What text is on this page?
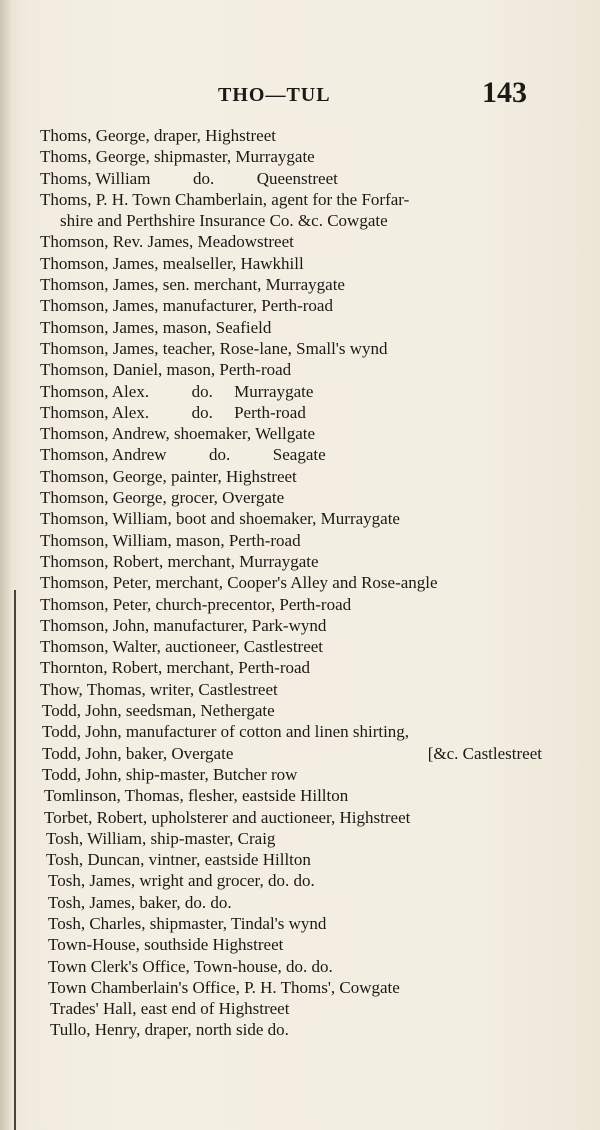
THO—TUL	143
Thoms, George, draper, Highstreet
Thoms, George, shipmaster, Murraygate
Thoms, William          do.          Queenstreet
Thoms, P. H. Town Chamberlain, agent for the Forfar-
shire and Perthshire Insurance Co. &c. Cowgate
Thomson, Rev. James, Meadowstreet
Thomson, James, mealseller, Hawkhill
Thomson, James, sen. merchant, Murraygate
Thomson, James, manufacturer, Perth-road
Thomson, James, mason, Seafield
Thomson, James, teacher, Rose-lane, Small's wynd
Thomson, Daniel, mason, Perth-road
Thomson, Alex.          do.     Murraygate
Thomson, Alex.          do.     Perth-road
Thomson, Andrew, shoemaker, Wellgate
Thomson, Andrew          do.          Seagate
Thomson, George, painter, Highstreet
Thomson, George, grocer, Overgate
Thomson, William, boot and shoemaker, Murraygate
Thomson, William, mason, Perth-road
Thomson, Robert, merchant, Murraygate
Thomson, Peter, merchant, Cooper's Alley and Rose-angle
Thomson, Peter, church-precentor, Perth-road
Thomson, John, manufacturer, Park-wynd
Thomson, Walter, auctioneer, Castlestreet
Thornton, Robert, merchant, Perth-road
Thow, Thomas, writer, Castlestreet
Todd, John, seedsman, Nethergate
Todd, John, manufacturer of cotton and linen shirting,
Todd, John, baker, Overgate	[&c. Castlestreet
Todd, John, ship-master, Butcher row
Tomlinson, Thomas, flesher, eastside Hillton
Torbet, Robert, upholsterer and auctioneer, Highstreet
Tosh, William, ship-master, Craig
Tosh, Duncan, vintner, eastside Hillton
Tosh, James, wright and grocer, do. do.
Tosh, James, baker, do. do.
Tosh, Charles, shipmaster, Tindal's wynd
Town-House, southside Highstreet
Town Clerk's Office, Town-house, do. do.
Town Chamberlain's Office, P. H. Thoms', Cowgate
Trades' Hall, east end of Highstreet
Tullo, Henry, draper, north side do.
